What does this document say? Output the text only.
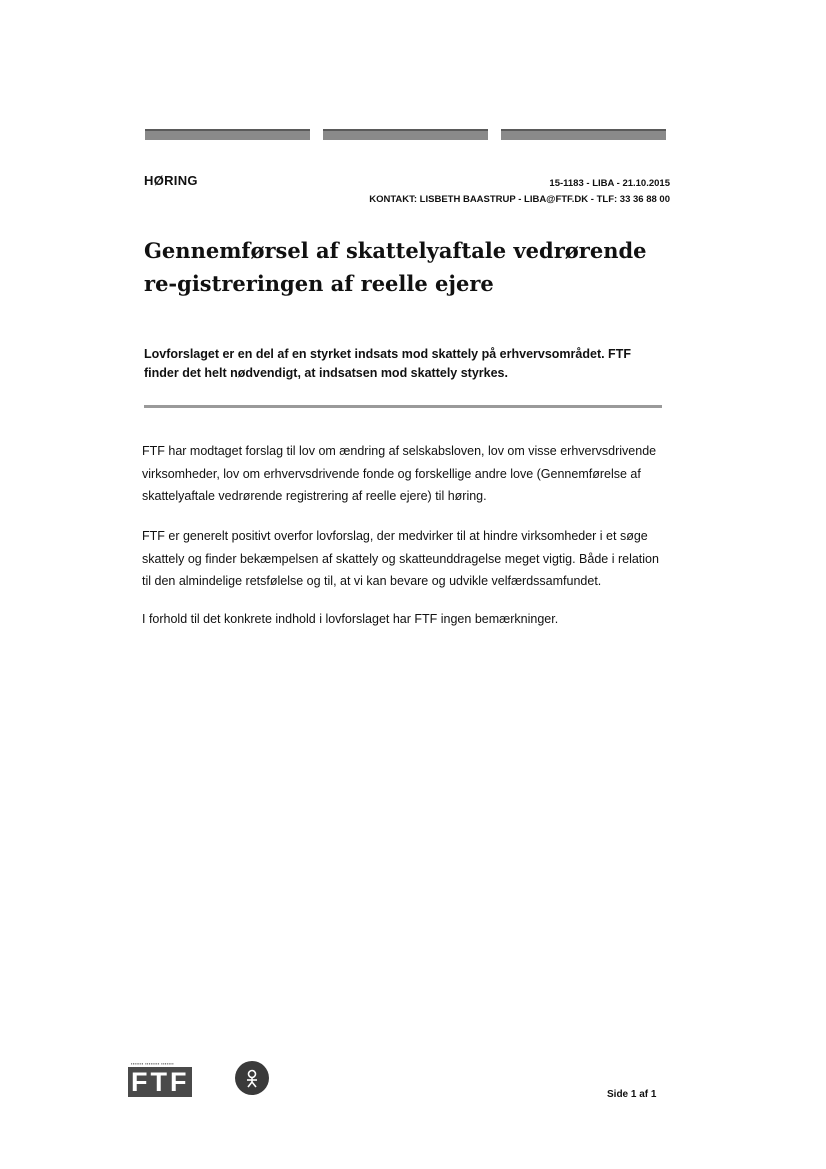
HØRING	15-1183 - LIBA - 21.10.2015
KONTAKT: LISBETH BAASTRUP - LIBA@FTF.DK - TLF: 33 36 88 00
Gennemførsel af skattelyaftale vedrørende re-gistreringen af reelle ejere
Lovforslaget er en del af en styrket indsats mod skattely på erhvervsområdet. FTF finder det helt nødvendigt, at indsatsen mod skattely styrkes.
FTF har modtaget forslag til lov om ændring af selskabsloven, lov om visse erhvervsdrivende virksomheder, lov om erhvervsdrivende fonde og forskellige andre love (Gennemførelse af skattelyaftale vedrørende registrering af reelle ejere) til høring.
FTF er generelt positivt overfor lovforslag, der medvirker til at hindre virksomheder i et søge skattely og finder bekæmpelsen af skattely og skatteunddragelse meget vigtig. Både i relation til den almindelige retsfølelse og til, at vi kan bevare og udvikle velfærdssamfundet.
I forhold til det konkrete indhold i lovforslaget har FTF ingen bemærkninger.
▪▪▪▪▪▪▪ ▪▪▪▪▪▪▪▪ ▪▪▪▪▪▪▪
FTF	Side 1 af 1
